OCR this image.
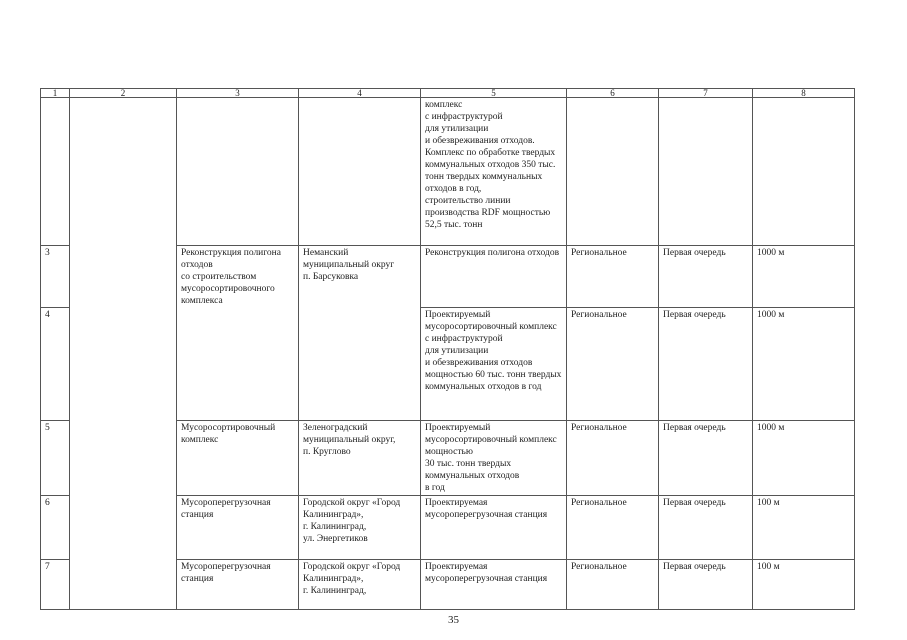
1	2	3	4	5	6	7	8
				комплекс
с инфраструктурой
для утилизации
и обезвреживания отходов. Комплекс по обработке твердых коммунальных отходов 350 тыс. тонн твердых коммунальных отходов в год,
строительство линии производства RDF мощностью 52,5 тыс. тонн			
3		Реконструкция полигона отходов
со строительством мусоросортировочного комплекса	Неманский муниципальный округ
п. Барсуковка	Реконструкция полигона отходов	Региональное	Первая очередь	1000 м
4				Проектируемый мусоросортировочный комплекс
с инфраструктурой
для утилизации
и обезвреживания отходов мощностью 60 тыс. тонн твердых коммунальных отходов в год	Региональное	Первая очередь	1000 м
5		Мусоросортировочный комплекс	Зеленоградский муниципальный округ,
п. Круглово	Проектируемый мусоросортировочный комплекс мощностью
30 тыс. тонн твердых коммунальных отходов
в год	Региональное	Первая очередь	1000 м
6		Мусороперегрузочная станция	Городской округ «Город Калининград»,
г. Калининград,
ул. Энергетиков	Проектируемая мусороперегрузочная станция	Региональное	Первая очередь	100 м
7		Мусороперегрузочная станция	Городской округ «Город Калининград»,
г. Калининград,	Проектируемая мусороперегрузочная станция	Региональное	Первая очередь	100 м
35
